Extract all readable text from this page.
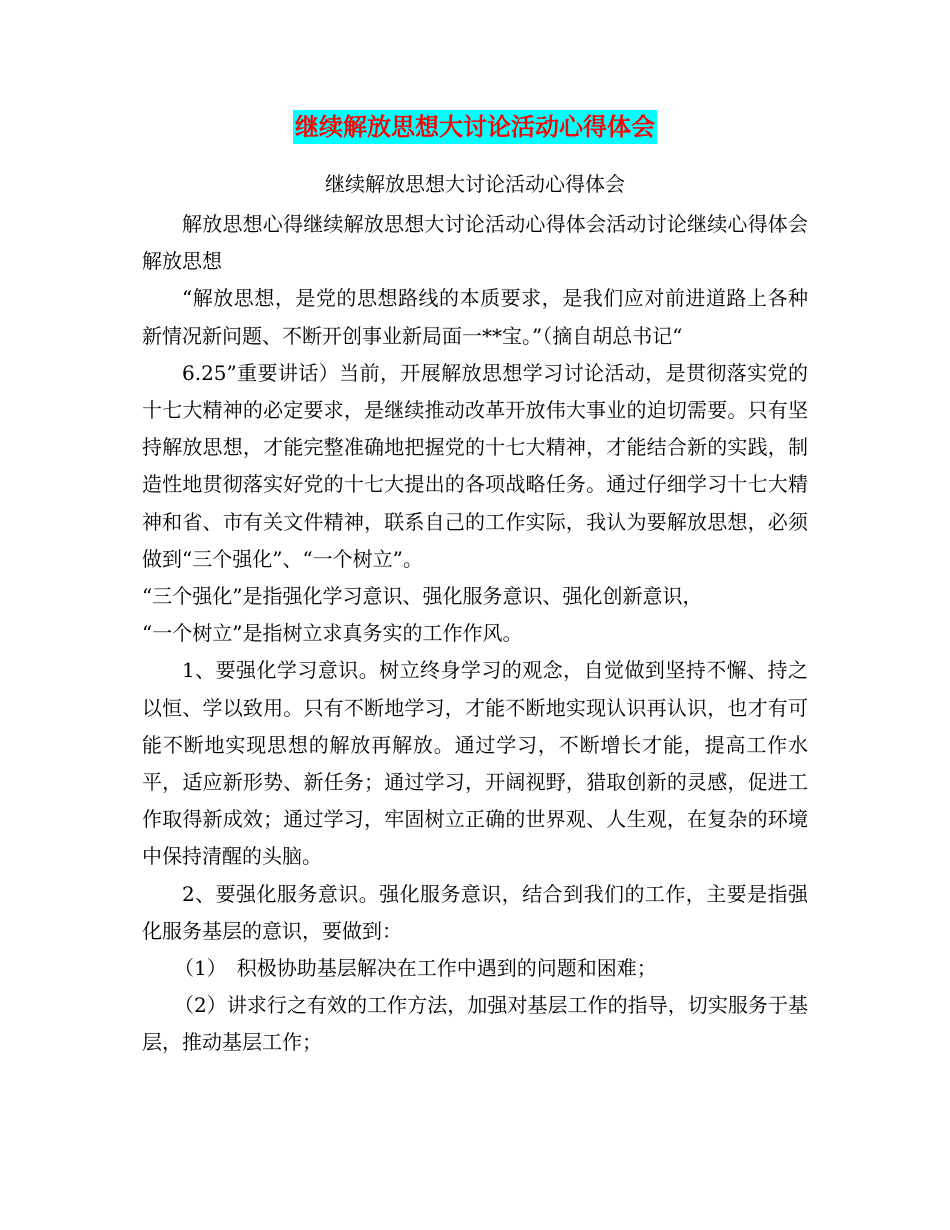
继续解放思想大讨论活动心得体会
继续解放思想大讨论活动心得体会

解放思想心得继续解放思想大讨论活动心得体会活动讨论继续心得体会解放思想

“解放思想，是党的思想路线的本质要求，是我们应对前进道路上各种新情况新问题、不断开创事业新局面一**宝。”（摘自胡总书记“

6.25”重要讲话）当前，开展解放思想学习讨论活动，是贯彻落实党的十七大精神的必定要求，是继续推动改革开放伟大事业的迫切需要。只有坚持解放思想，才能完整准确地把握党的十七大精神，才能结合新的实践，制造性地贯彻落实好党的十七大提出的各项战略任务。通过仔细学习十七大精神和省、市有关文件精神，联系自己的工作实际，我认为要解放思想，必须做到“三个强化”、“一个树立”。

“三个强化”是指强化学习意识、强化服务意识、强化创新意识，

“一个树立”是指树立求真务实的工作作风。

1、要强化学习意识。树立终身学习的观念，自觉做到坚持不懈、持之以恒、学以致用。只有不断地学习，才能不断地实现认识再认识，也才有可能不断地实现思想的解放再解放。通过学习，不断增长才能，提高工作水平，适应新形势、新任务；通过学习，开阔视野，猎取创新的灵感，促进工作取得新成效；通过学习，牢固树立正确的世界观、人生观，在复杂的环境中保持清醒的头脑。

2、要强化服务意识。强化服务意识，结合到我们的工作，主要是指强化服务基层的意识，要做到：

（1）　积极协助基层解决在工作中遇到的问题和困难；

（2）讲求行之有效的工作方法，加强对基层工作的指导，切实服务于基层，推动基层工作；
